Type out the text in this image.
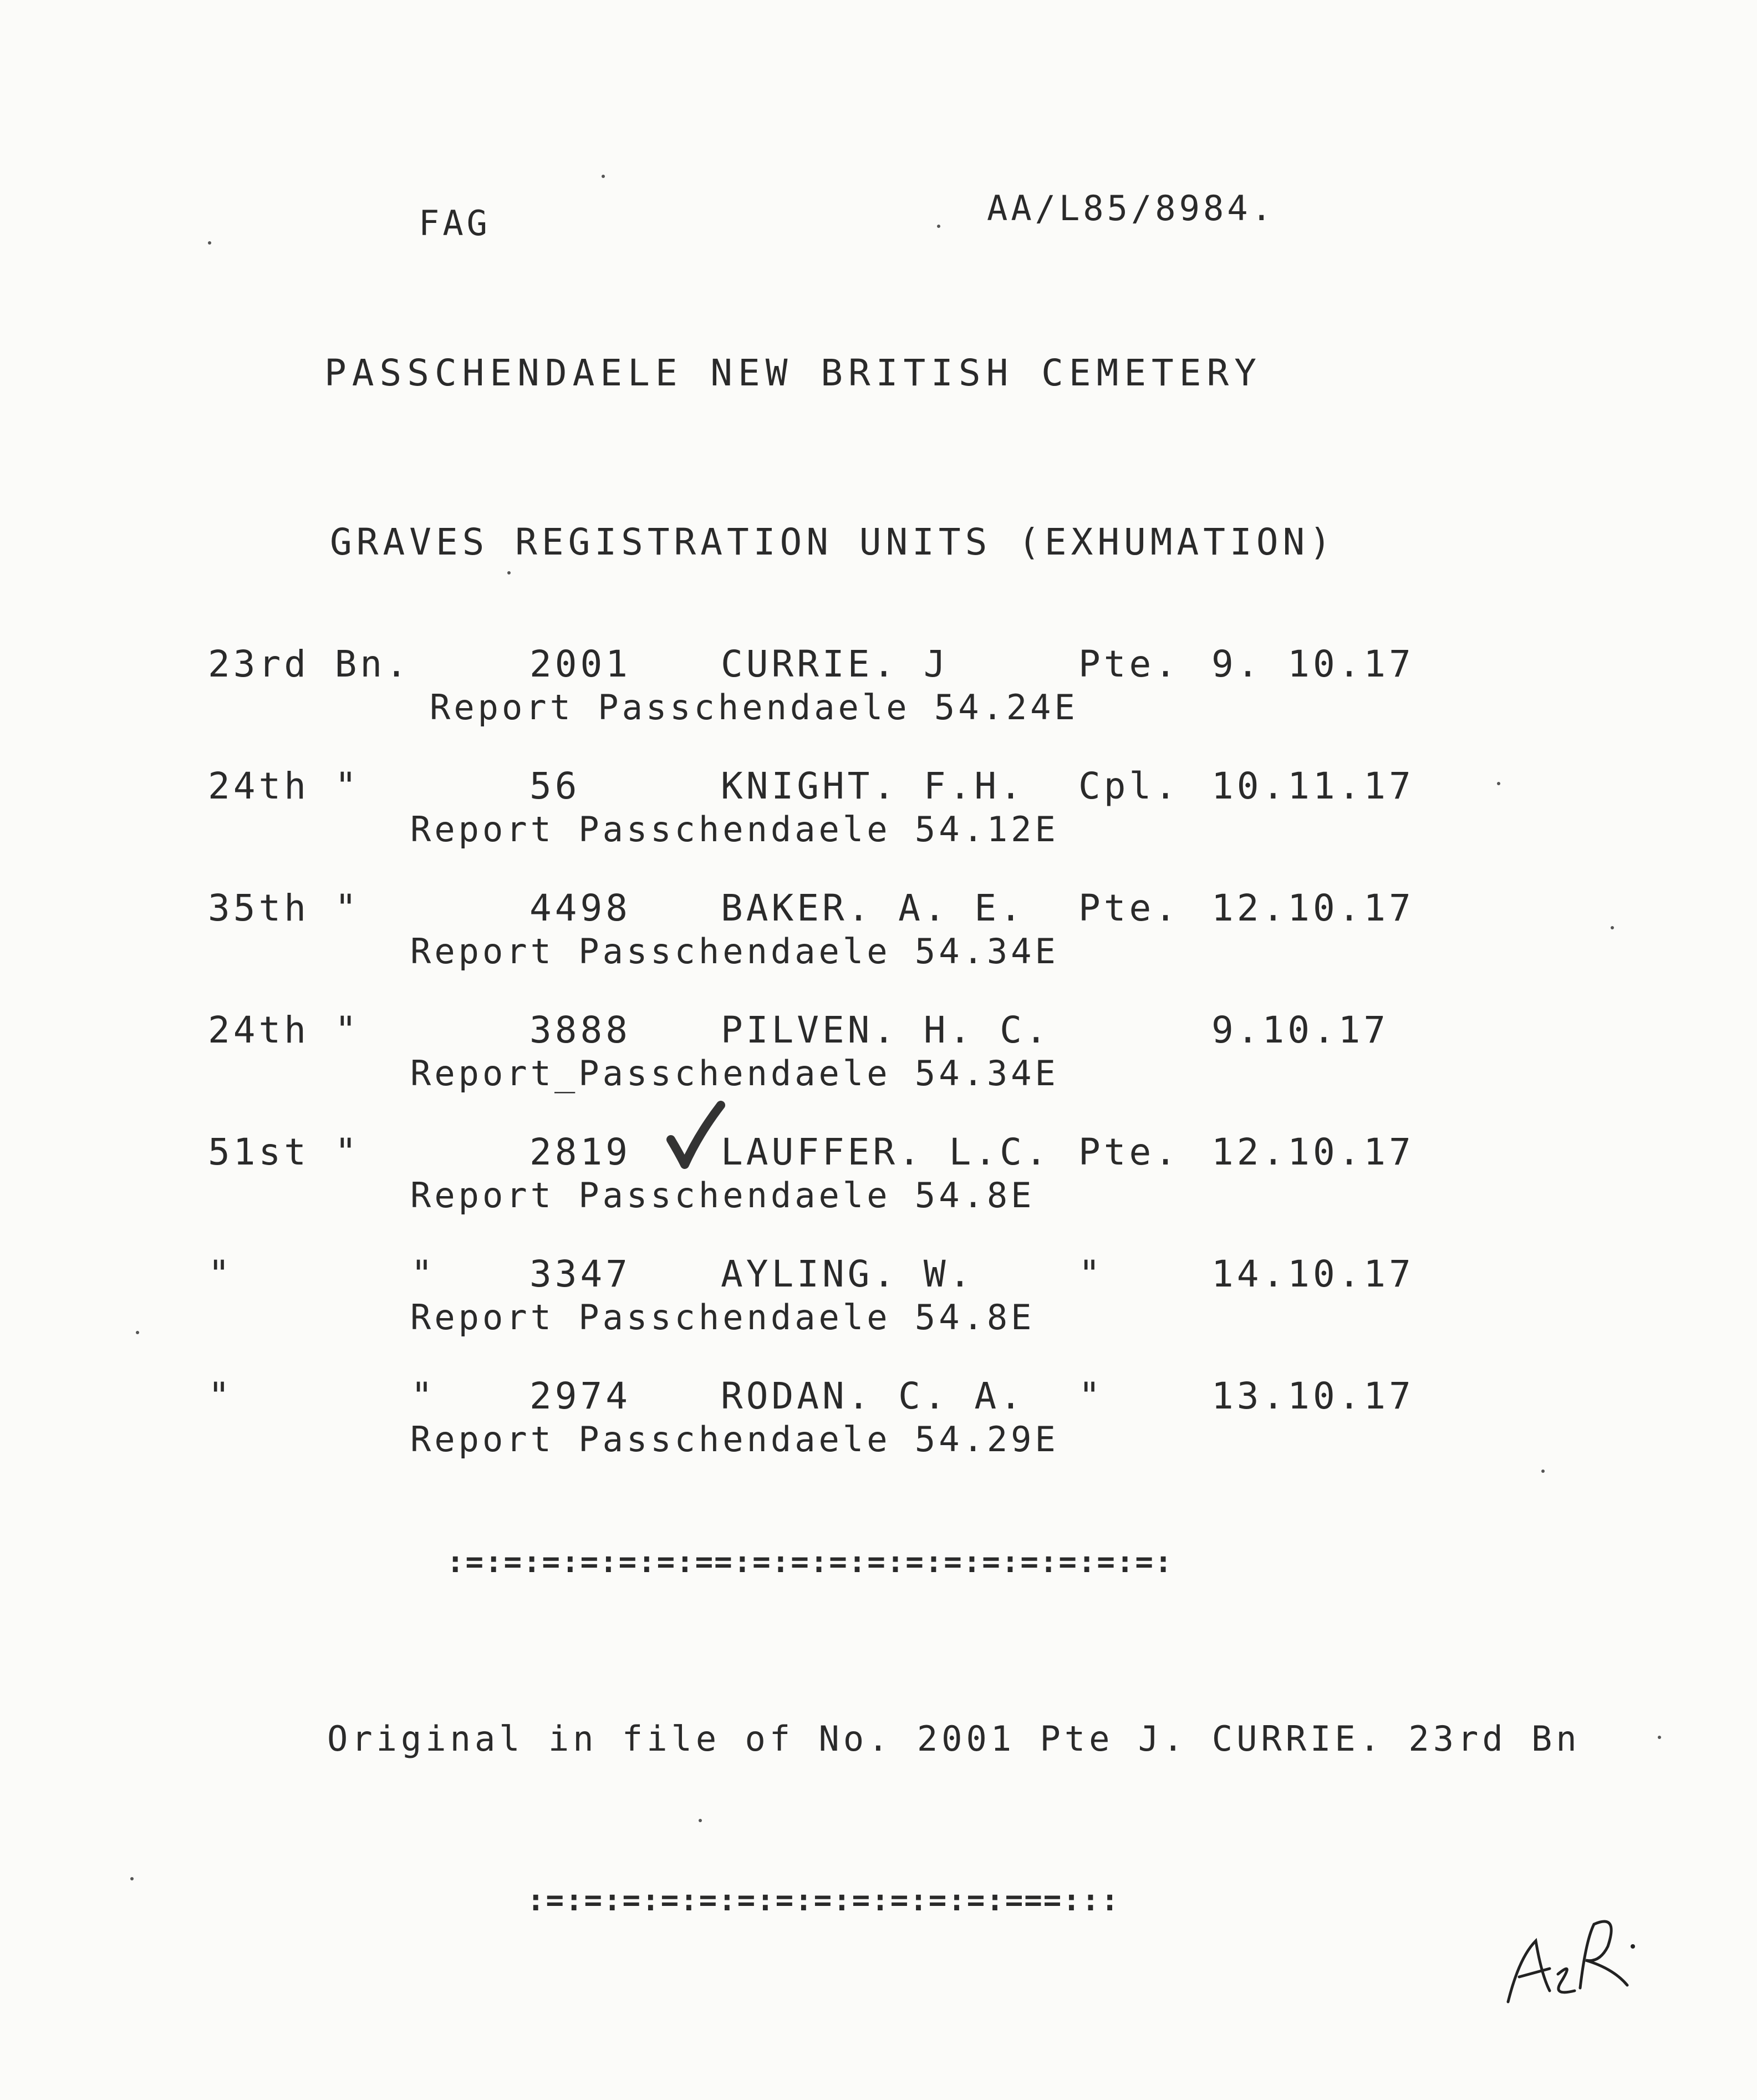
FAG	AA/L85/8984.
PASSCHENDAELE NEW BRITISH CEMETERY
GRAVES REGISTRATION UNITS (EXHUMATION)
23rd Bn.	2001 CURRIE. J	Pte. 9. 10.17
Report Passchendaele 54.24E
24th "	56	KNIGHT. F.H. Cpl. 10.11.17
Report Passchendaele 54.12E
35th "	4498 BAKER. A. E. Pte. 12.10.17
Report Passchendaele 54.34E
24th "	3888 PILVEN. H. C.	9.10.17
Report_Passchendaele 54.34E
51st "	2819 LAUFFER. L.C. Pte. 12.10.17
Report Passchendaele 54.8E
"       "	3347 AYLING. W.	"	14.10.17
Report Passchendaele 54.8E
"       "	2974 RODAN. C. A. "	13.10.17
Report Passchendaele 54.29E
:=:=:=:=:=:=:==:=:=:=:=:=:=:=:=:=:=:=:
Original in file of No. 2001 Pte J. CURRIE. 23rd Bn
:=:=:=:=:=:=:=:=:=:=:=:=:===:::
